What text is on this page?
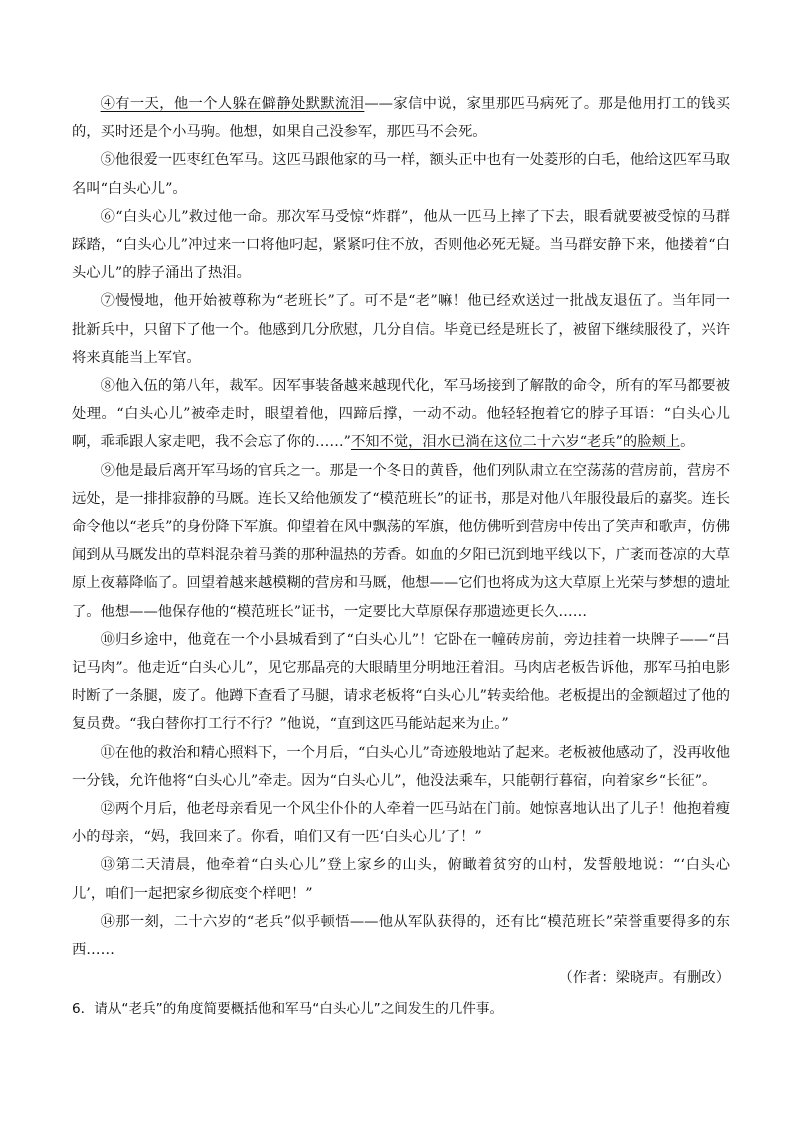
④有一天，他一个人躲在僻静处默默流泪——家信中说，家里那匹马病死了。那是他用打工的钱买的，买时还是个小马驹。他想，如果自己没参军，那匹马不会死。

⑤他很爱一匹枣红色军马。这匹马跟他家的马一样，额头正中也有一处菱形的白毛，他给这匹军马取名叫“白头心儿”。

⑥“白头心儿”救过他一命。那次军马受惊“炸群”，他从一匹马上摔了下去，眼看就要被受惊的马群踩踏，“白头心儿”冲过来一口将他叼起，紧紧叼住不放，否则他必死无疑。当马群安静下来，他搂着“白头心儿”的脖子涌出了热泪。

⑦慢慢地，他开始被尊称为“老班长”了。可不是“老”嘛！他已经欢送过一批战友退伍了。当年同一批新兵中，只留下了他一个。他感到几分欣慰，几分自信。毕竟已经是班长了，被留下继续服役了，兴许将来真能当上军官。

⑧他入伍的第八年，裁军。因军事装备越来越现代化，军马场接到了解散的命令，所有的军马都要被处理。“白头心儿”被牵走时，眼望着他，四蹄后撑，一动不动。他轻轻抱着它的脖子耳语：“白头心儿啊，乖乖跟人家走吧，我不会忘了你的……”不知不觉，泪水已淌在这位二十六岁“老兵”的脸颊上。

⑨他是最后离开军马场的官兵之一。那是一个冬日的黄昏，他们列队肃立在空荡荡的营房前，营房不远处，是一排排寂静的马厩。连长又给他颁发了“模范班长”的证书，那是对他八年服役最后的嘉奖。连长命令他以“老兵”的身份降下军旗。仰望着在风中飘荡的军旗，他仿佛听到营房中传出了笑声和歌声，仿佛闻到从马厩发出的草料混杂着马粪的那种温热的芳香。如血的夕阳已沉到地平线以下，广袤而苍凉的大草原上夜幕降临了。回望着越来越模糊的营房和马厩，他想——它们也将成为这大草原上光荣与梦想的遗址了。他想——他保存他的“模范班长”证书，一定要比大草原保存那遗迹更长久……

⑩归乡途中，他竟在一个小县城看到了“白头心儿”！它卧在一幢砖房前，旁边挂着一块牌子——“吕记马肉”。他走近“白头心儿”，见它那晶亮的大眼睛里分明地汪着泪。马肉店老板告诉他，那军马拍电影时断了一条腿，废了。他蹲下查看了马腿，请求老板将“白头心儿”转卖给他。老板提出的金额超过了他的复员费。“我白替你打工行不行？”他说，“直到这匹马能站起来为止。”

⑪在他的救治和精心照料下，一个月后，“白头心儿”奇迹般地站了起来。老板被他感动了，没再收他一分钱，允许他将“白头心儿”牵走。因为“白头心儿”，他没法乘车，只能朝行暮宿，向着家乡“长征”。

⑫两个月后，他老母亲看见一个风尘仆仆的人牵着一匹马站在门前。她惊喜地认出了儿子！他抱着瘦小的母亲，“妈，我回来了。你看，咱们又有一匹‘白头心儿’了！”

⑬第二天清晨，他牵着“白头心儿”登上家乡的山头，俯瞰着贫穷的山村，发誓般地说：“‘白头心儿’，咱们一起把家乡彻底变个样吧！”

⑭那一刻，二十六岁的“老兵”似乎顿悟——他从军队获得的，还有比“模范班长”荣誉重要得多的东西……

（作者：梁晓声。有删改）

6．请从“老兵”的角度简要概括他和军马“白头心儿”之间发生的几件事。
